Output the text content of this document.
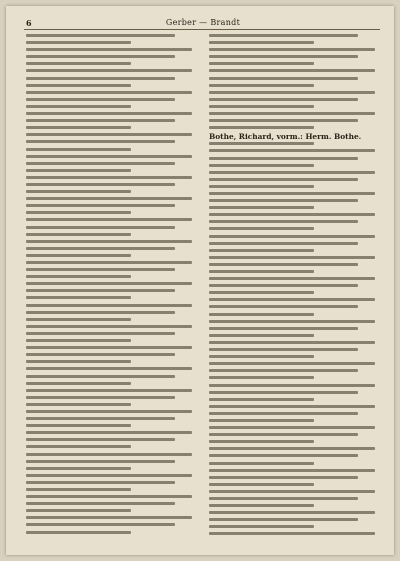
6	Gerber — Brandt
Bothe, Richard, vorm.: Herm. Bothe.
